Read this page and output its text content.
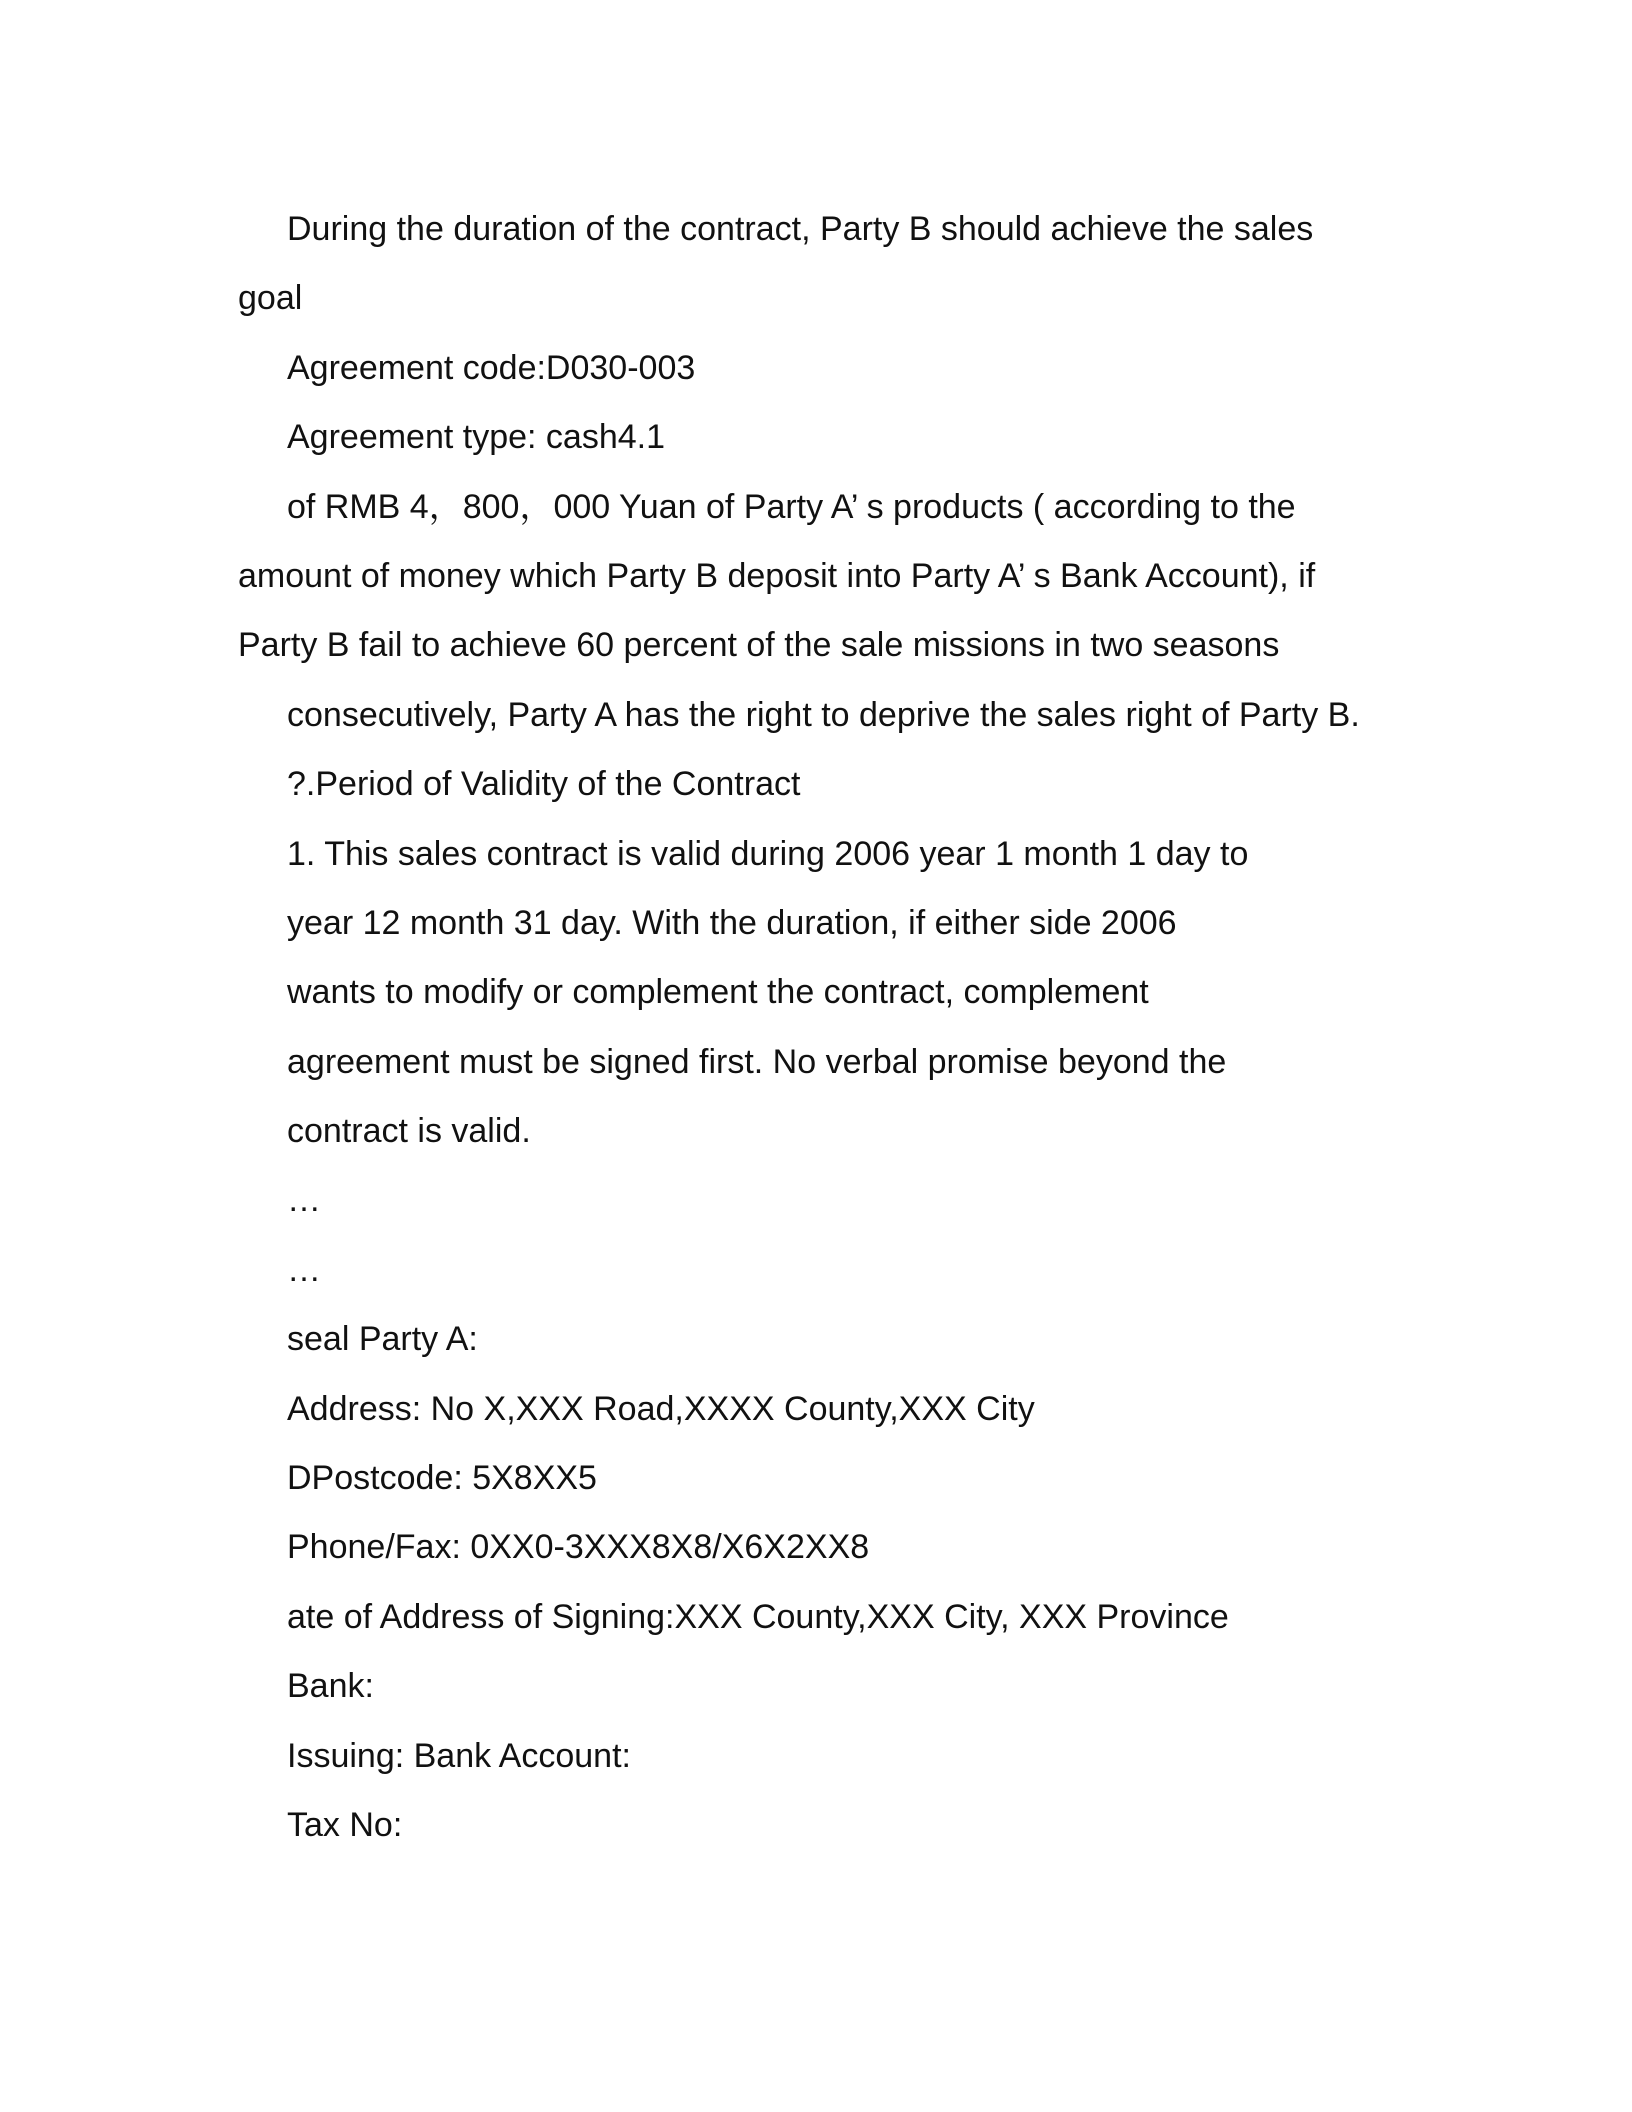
During the duration of the contract, Party B should achieve the sales
goal
Agreement code:D030-003
Agreement type: cash4.1
of RMB 4，800，000 Yuan of Party A’ s products ( according to the
amount of money which Party B deposit into Party A’ s Bank Account), if
Party B fail to achieve 60 percent of the sale missions in two seasons
consecutively, Party A has the right to deprive the sales right of Party B.
?.Period of Validity of the Contract
1. This sales contract is valid during 2006 year 1 month 1 day to
year 12 month 31 day. With the duration, if either side 2006
wants to modify or complement the contract, complement
agreement must be signed first. No verbal promise beyond the
contract is valid.
…
…
seal Party A:
Address: No X,XXX Road,XXXX County,XXX City
DPostcode: 5X8XX5
Phone/Fax: 0XX0-3XXX8X8/X6X2XX8
ate of Address of Signing:XXX County,XXX City, XXX Province
Bank:
Issuing: Bank Account:
Tax No:
